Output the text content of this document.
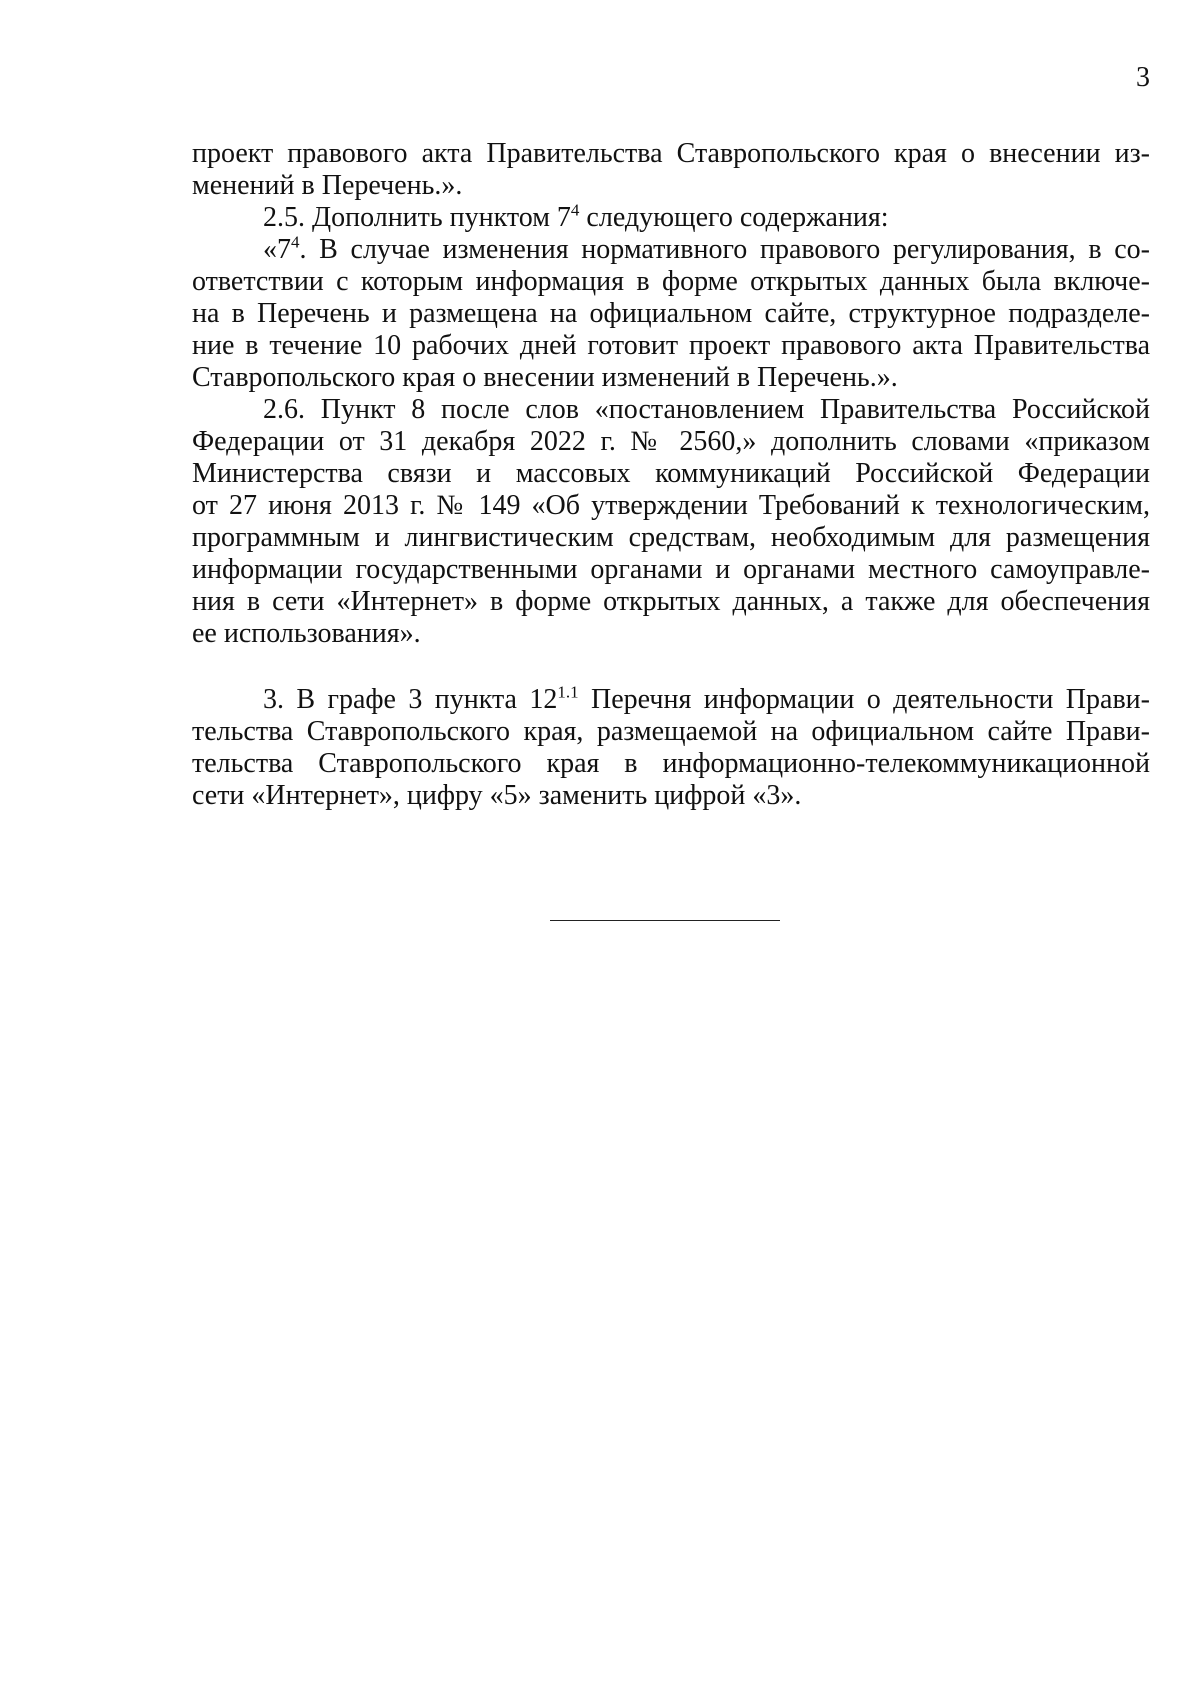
3
проект правового акта Правительства Ставропольского края о внесении из-
менений в Перечень.».
2.5. Дополнить пунктом $7^4$ следующего содержания:
«$7^4$. В случае изменения нормативного правового регулирования, в со-
ответствии с которым информация в форме открытых данных была включе-
на в Перечень и размещена на официальном сайте, структурное подразделе-
ние в течение 10 рабочих дней готовит проект правового акта Правительства
Ставропольского края о внесении изменений в Перечень.».
2.6. Пункт 8 после слов «постановлением Правительства Российской
Федерации от 31 декабря 2022 г. № 2560,» дополнить словами «приказом
Министерства связи и массовых коммуникаций Российской Федерации
от 27 июня 2013 г. № 149 «Об утверждении Требований к технологическим,
программным и лингвистическим средствам, необходимым для размещения
информации государственными органами и органами местного самоуправле-
ния в сети «Интернет» в форме открытых данных, а также для обеспечения
ее использования».
3. В графе 3 пункта $12^{1.1}$ Перечня информации о деятельности Прави-
тельства Ставропольского края, размещаемой на официальном сайте Прави-
тельства Ставропольского края в информационно-телекоммуникационной
сети «Интернет», цифру «5» заменить цифрой «3».
